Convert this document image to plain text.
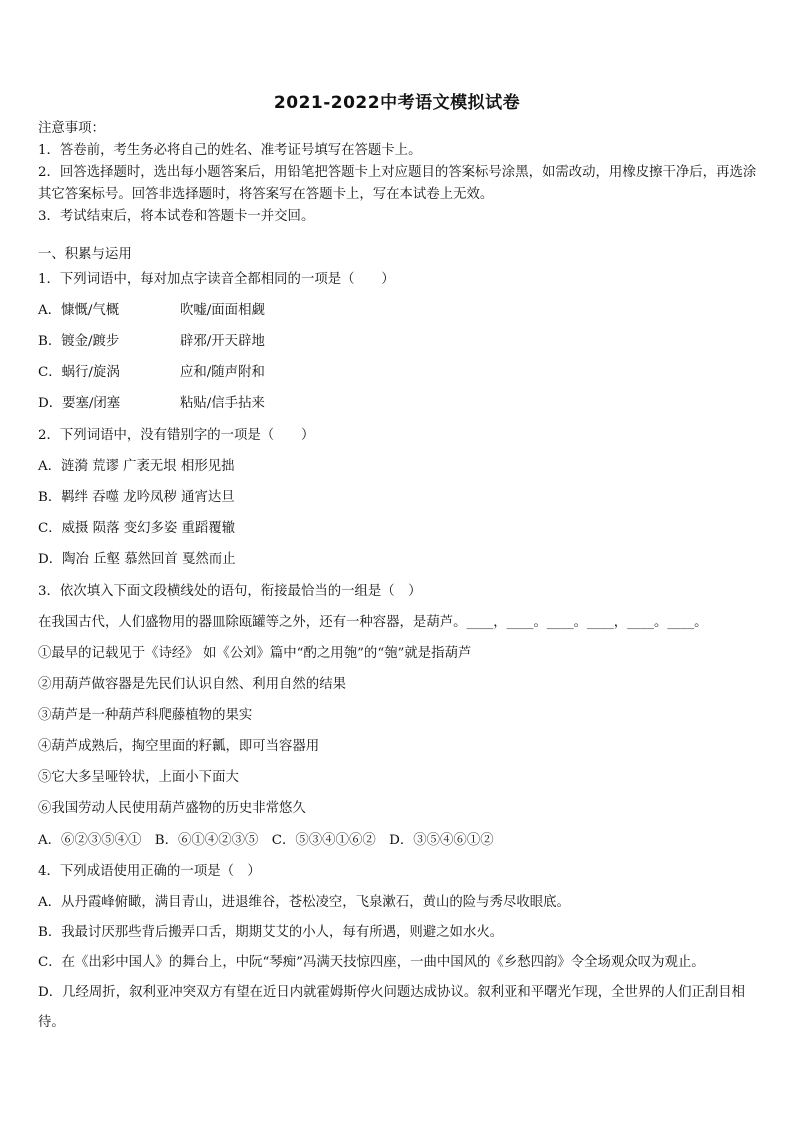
2021-2022中考语文模拟试卷
注意事项：
1．答卷前，考生务必将自己的姓名、准考证号填写在答题卡上。
2．回答选择题时，选出每小题答案后，用铅笔把答题卡上对应题目的答案标号涂黑，如需改动，用橡皮擦干净后，再选涂其它答案标号。回答非选择题时，将答案写在答题卡上，写在本试卷上无效。
3．考试结束后，将本试卷和答题卡一并交回。
一、积累与运用
1．下列词语中，每对加点字读音全都相同的一项是（　　）
A．慷慨/气概	吹嘘/面面相觑
B．镀金/踱步	辟邪/开天辟地
C．蜗行/旋涡	应和/随声附和
D．要塞/闭塞	粘贴/信手拈来
2．下列词语中，没有错别字的一项是（　　）
A．涟漪 荒谬 广袤无垠 相形见拙
B．羁绊 吞噬 龙吟凤秽 通宵达旦
C．威摄 陨落 变幻多姿 重蹈覆辙
D．陶冶 丘壑 慕然回首 戛然而止
3．依次填入下面文段横线处的语句，衔接最恰当的一组是（　）
在我国古代，人们盛物用的器皿除瓯罐等之外，还有一种容器，是葫芦。____，____。____。____，____。____。
①最早的记载见于《诗经》 如《公刘》篇中“酌之用匏”的“匏”就是指葫芦
②用葫芦做容器是先民们认识自然、利用自然的结果
③葫芦是一种葫芦科爬藤植物的果实
④葫芦成熟后，掏空里面的籽瓤，即可当容器用
⑤它大多呈哑铃状，上面小下面大
⑥我国劳动人民使用葫芦盛物的历史非常悠久
A．⑥②③⑤④①　B．⑥①④②③⑤　C．⑤③④①⑥②　D．③⑤④⑥①②
4．下列成语使用正确的一项是（　）
A．从丹霞峰俯瞰，满目青山，进退维谷，苍松凌空，飞泉漱石，黄山的险与秀尽收眼底。
B．我最讨厌那些背后搬弄口舌，期期艾艾的小人，每有所遇，则避之如水火。
C．在《出彩中国人》的舞台上，中阮“琴痴”冯满天技惊四座，一曲中国风的《乡愁四韵》令全场观众叹为观止。
D．几经周折，叙利亚冲突双方有望在近日内就霍姆斯停火问题达成协议。叙利亚和平曙光乍现，全世界的人们正刮目相待。
